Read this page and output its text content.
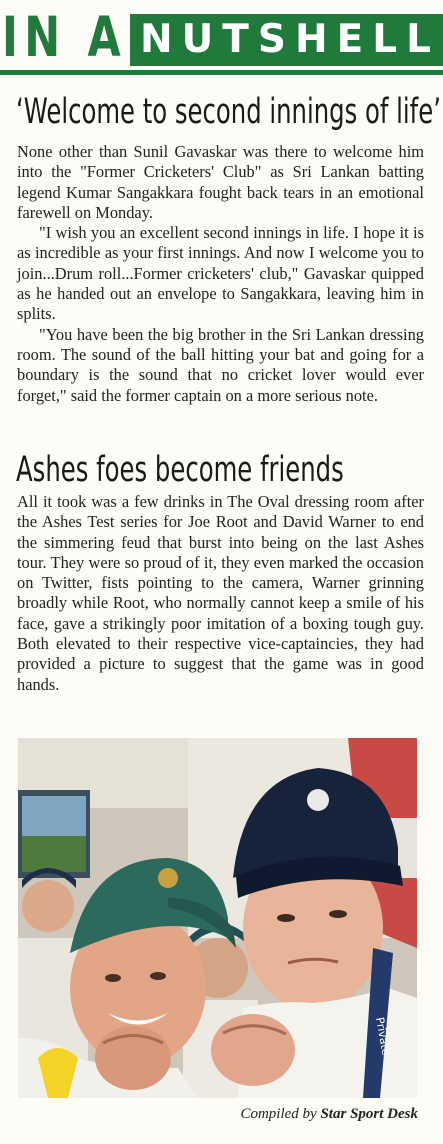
IN A NUTSHELL
‘Welcome to second innings of life’

None other than Sunil Gavaskar was there to welcome him into the "Former Cricketers' Club" as Sri Lankan batting legend Kumar Sangakkara fought back tears in an emotional farewell on Monday.

"I wish you an excellent second innings in life. I hope it is as incredible as your first innings. And now I welcome you to join...Drum roll...Former cricketers' club," Gavaskar quipped as he handed out an envelope to Sangakkara, leaving him in splits.

"You have been the big brother in the Sri Lankan dressing room. The sound of the ball hitting your bat and going for a boundary is the sound that no cricket lover would ever forget," said the former captain on a more serious note.

Ashes foes become friends

All it took was a few drinks in The Oval dressing room after the Ashes Test series for Joe Root and David Warner to end the simmering feud that burst into being on the last Ashes tour. They were so proud of it, they even marked the occasion on Twitter, fists pointing to the camera, Warner grinning broadly while Root, who normally cannot keep a smile of his face, gave a strikingly poor imitation of a boxing tough guy. Both elevated to their respective vice-captaincies, they had provided a picture to suggest that the game was in good hands.

Private
Compiled by Star Sport Desk
